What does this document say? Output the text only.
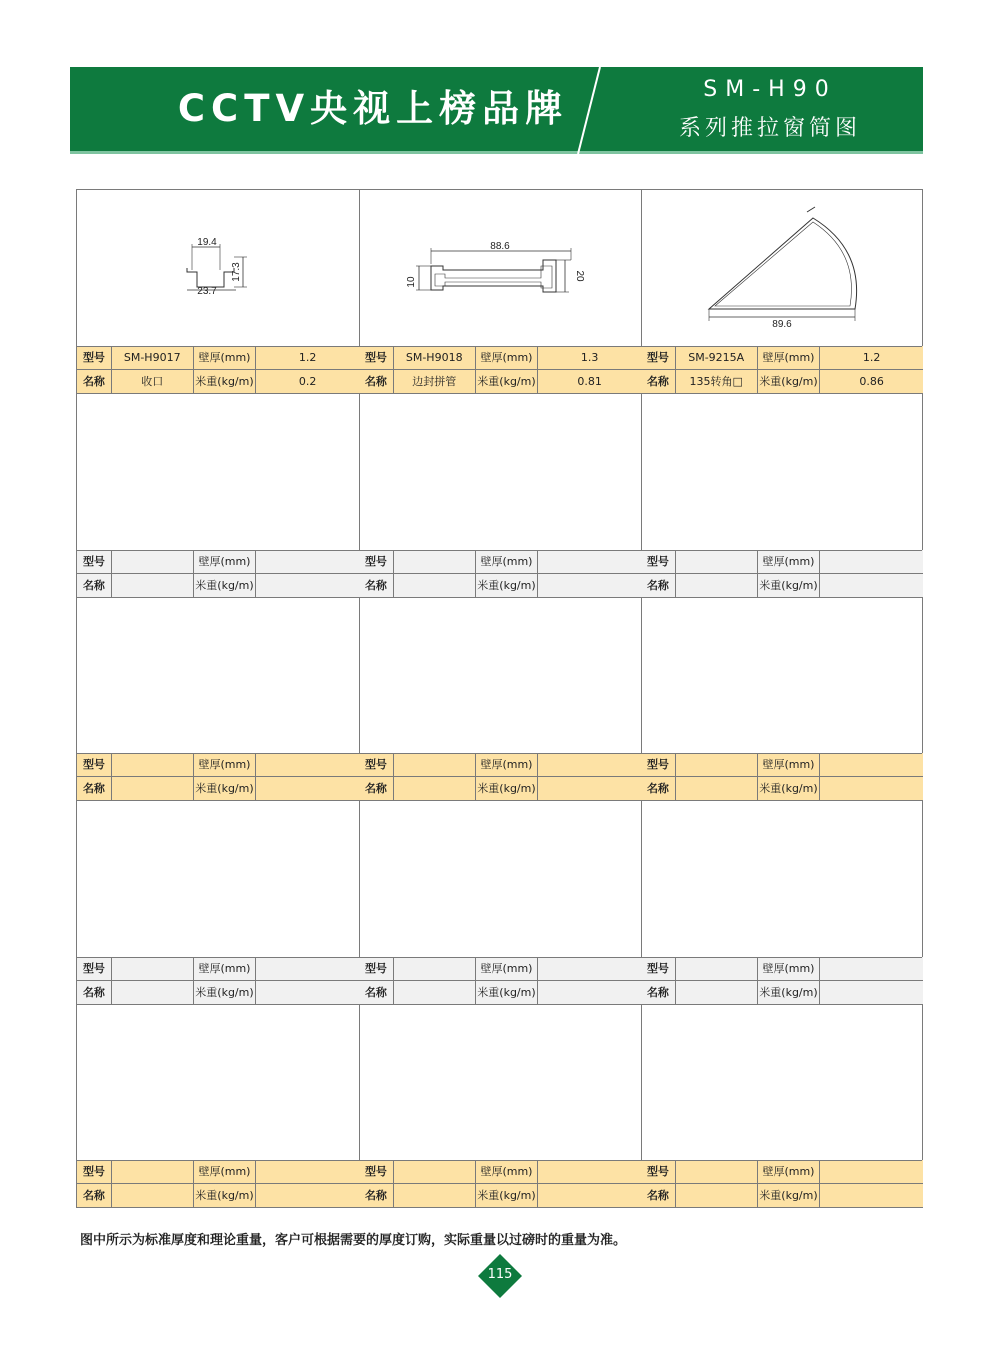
CCTV央视上榜品牌	SM-H90
系列推拉窗简图
19.4
23.7
17.3
型号	SM-H9017	壁厚(mm)	1.2
名称	收口	米重(kg/m)	0.2
88.6
10
20
型号	SM-H9018	壁厚(mm)	1.3
名称	边封拼管	米重(kg/m)	0.81
89.6
型号	SM-9215A	壁厚(mm)	1.2
名称	135转角□	米重(kg/m)	0.86
型号	壁厚(mm)
名称	米重(kg/m)
型号	壁厚(mm)
名称	米重(kg/m)
型号	壁厚(mm)
名称	米重(kg/m)
型号	壁厚(mm)
名称	米重(kg/m)
型号	壁厚(mm)
名称	米重(kg/m)
型号	壁厚(mm)
名称	米重(kg/m)
型号	壁厚(mm)
名称	米重(kg/m)
型号	壁厚(mm)
名称	米重(kg/m)
型号	壁厚(mm)
名称	米重(kg/m)
型号	壁厚(mm)
名称	米重(kg/m)
型号	壁厚(mm)
名称	米重(kg/m)
型号	壁厚(mm)
名称	米重(kg/m)
图中所示为标准厚度和理论重量，客户可根据需要的厚度订购，实际重量以过磅时的重量为准。
115
